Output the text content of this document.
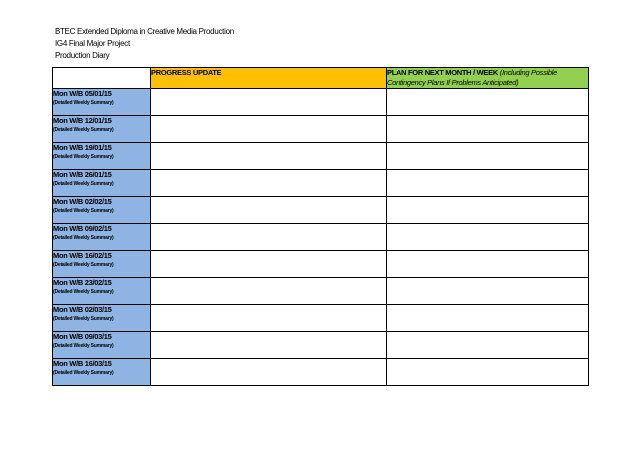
BTEC Extended Diploma in Creative Media Production
IG4 Final Major Project
Production Diary
	PROGRESS UPDATE	PLAN FOR NEXT MONTH / WEEK (Including Possible Contingency Plans If Problems Anticipated)

Mon W/B 05/01/15
(Detailed Weekly Summary)		

Mon W/B 12/01/15
(Detailed Weekly Summary)		

Mon W/B 19/01/15
(Detailed Weekly Summary)		

Mon W/B 26/01/15
(Detailed Weekly Summary)		

Mon W/B 02/02/15
(Detailed Weekly Summary)		

Mon W/B 09/02/15
(Detailed Weekly Summary)		

Mon W/B 16/02/15
(Detailed Weekly Summary)		

Mon W/B 23/02/15
(Detailed Weekly Summary)		

Mon W/B 02/03/15
(Detailed Weekly Summary)		

Mon W/B 09/03/15
(Detailed Weekly Summary)		

Mon W/B 16/03/15
(Detailed Weekly Summary)		
